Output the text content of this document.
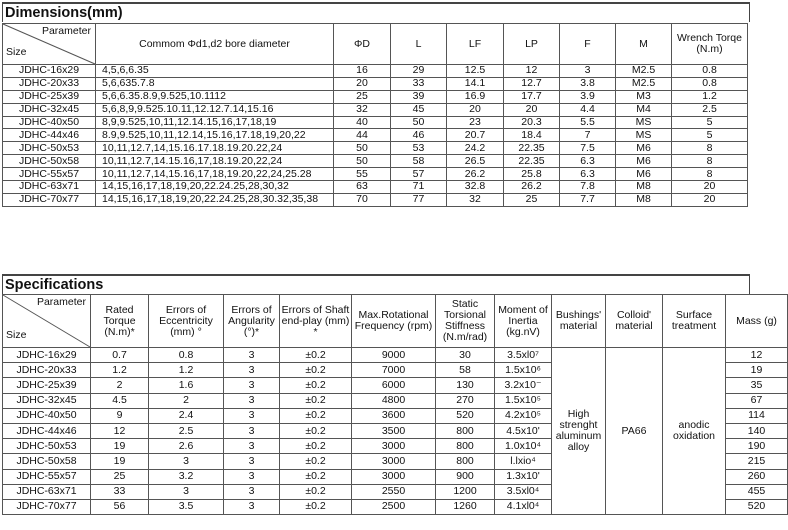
Dimensions(mm)
Parameter
Size	Commom Φd1,d2 bore diameter	ΦD	L	LF	LP	F	M	Wrench Torqe (N.m)
JDHC-16x29	4,5,6,6.35	16	29	12.5	12	3	M2.5	0.8
JDHC-20x33	5,6,635.7.8	20	33	14.1	12.7	3.8	M2.5	0.8
JDHC-25x39	5,6,6.35.8.9,9.525,10.1112	25	39	16.9	17.7	3.9	M3	1.2
JDHC-32x45	5,6,8,9,9.525.10.11,12.12.7.14,15.16	32	45	20	20	4.4	M4	2.5
JDHC-40x50	8,9,9.525,10,11,12.14.15,16,17,18,19	40	50	23	20.3	5.5	MS	5
JDHC-44x46	8.9,9.525,10,11,12.14,15.16,17.18,19,20,22	44	46	20.7	18.4	7	MS	5
JDHC-50x53	10,11,12.7,14,15.16.17.18.19.20.22,24	50	53	24.2	22.35	7.5	M6	8
JDHC-50x58	10,11,12.7,14.15.16,17,18.19.20,22,24	50	58	26.5	22.35	6.3	M6	8
JDHC-55x57	10,11,12.7,14,15.16,17,18,19.20,22,24,25.28	55	57	26.2	25.8	6.3	M6	8
JDHC-63x71	14,15,16,17,18,19,20,22.24.25,28,30,32	63	71	32.8	26.2	7.8	M8	20
JDHC-70x77	14,15,16,17,18,19,20,22.24.25,28,30.32,35,38	70	77	32	25	7.7	M8	20
Specifications
Parameter
Size	Rated Torque (N.m)*	Errors of Eccentricity (mm) °	Errors of Angularity (°)*	Errors of Shaft end-play (mm) *	Max.Rotational Frequency (rpm)	Static Torsional Stiffness (N.m/rad)	Moment of Inertia (kg.nV)	Bushings' material	Colloid' material	Surface treatment	Mass (g)
JDHC-16x29	0.7	0.8	3	±0.2	9000	30	3.5xl0⁷	High strenght aluminum alloy	PA66	anodic oxidation	12
JDHC-20x33	1.2	1.2	3	±0.2	7000	58	1.5x10⁶				19
JDHC-25x39	2	1.6	3	±0.2	6000	130	3.2x10⁻				35
JDHC-32x45	4.5	2	3	±0.2	4800	270	1.5x10⁵				67
JDHC-40x50	9	2.4	3	±0.2	3600	520	4.2x10⁵				114
JDHC-44x46	12	2.5	3	±0.2	3500	800	4.5x10'				140
JDHC-50x53	19	2.6	3	±0.2	3000	800	1.0x10⁴				190
JDHC-50x58	19	3	3	±0.2	3000	800	l.lxio⁴				215
JDHC-55x57	25	3.2	3	±0.2	3000	900	1.3x10'				260
JDHC-63x71	33	3	3	±0.2	2550	1200	3.5xl0⁴				455
JDHC-70x77	56	3.5	3	±0.2	2500	1260	4.1xl0⁴				520
